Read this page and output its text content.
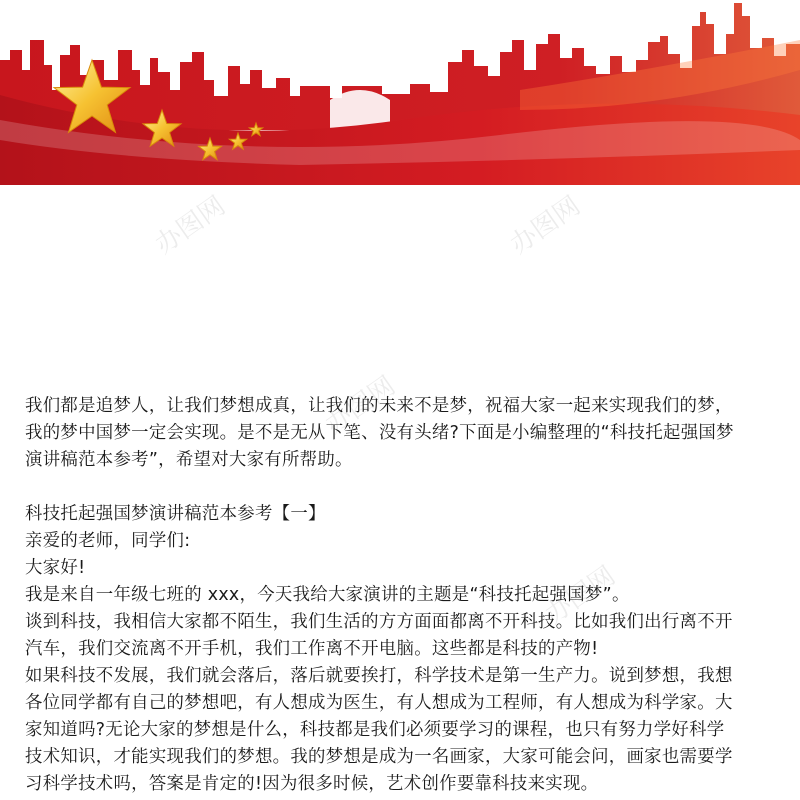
办图网	办图网
办图网
办图网

我们都是追梦人，让我们梦想成真，让我们的未来不是梦，祝福大家一起来实现我们的梦，

我的梦中国梦一定会实现。是不是无从下笔、没有头绪?下面是小编整理的“科技托起强国梦

演讲稿范本参考”，希望对大家有所帮助。

科技托起强国梦演讲稿范本参考【一】

亲爱的老师，同学们:

大家好!

我是来自一年级七班的 xxx，今天我给大家演讲的主题是“科技托起强国梦”。

谈到科技，我相信大家都不陌生，我们生活的方方面面都离不开科技。比如我们出行离不开

汽车，我们交流离不开手机，我们工作离不开电脑。这些都是科技的产物!

如果科技不发展，我们就会落后，落后就要挨打，科学技术是第一生产力。说到梦想，我想

各位同学都有自己的梦想吧，有人想成为医生，有人想成为工程师，有人想成为科学家。大

家知道吗?无论大家的梦想是什么，科技都是我们必须要学习的课程，也只有努力学好科学

技术知识，才能实现我们的梦想。我的梦想是成为一名画家，大家可能会问，画家也需要学

习科学技术吗，答案是肯定的!因为很多时候，艺术创作要靠科技来实现。
